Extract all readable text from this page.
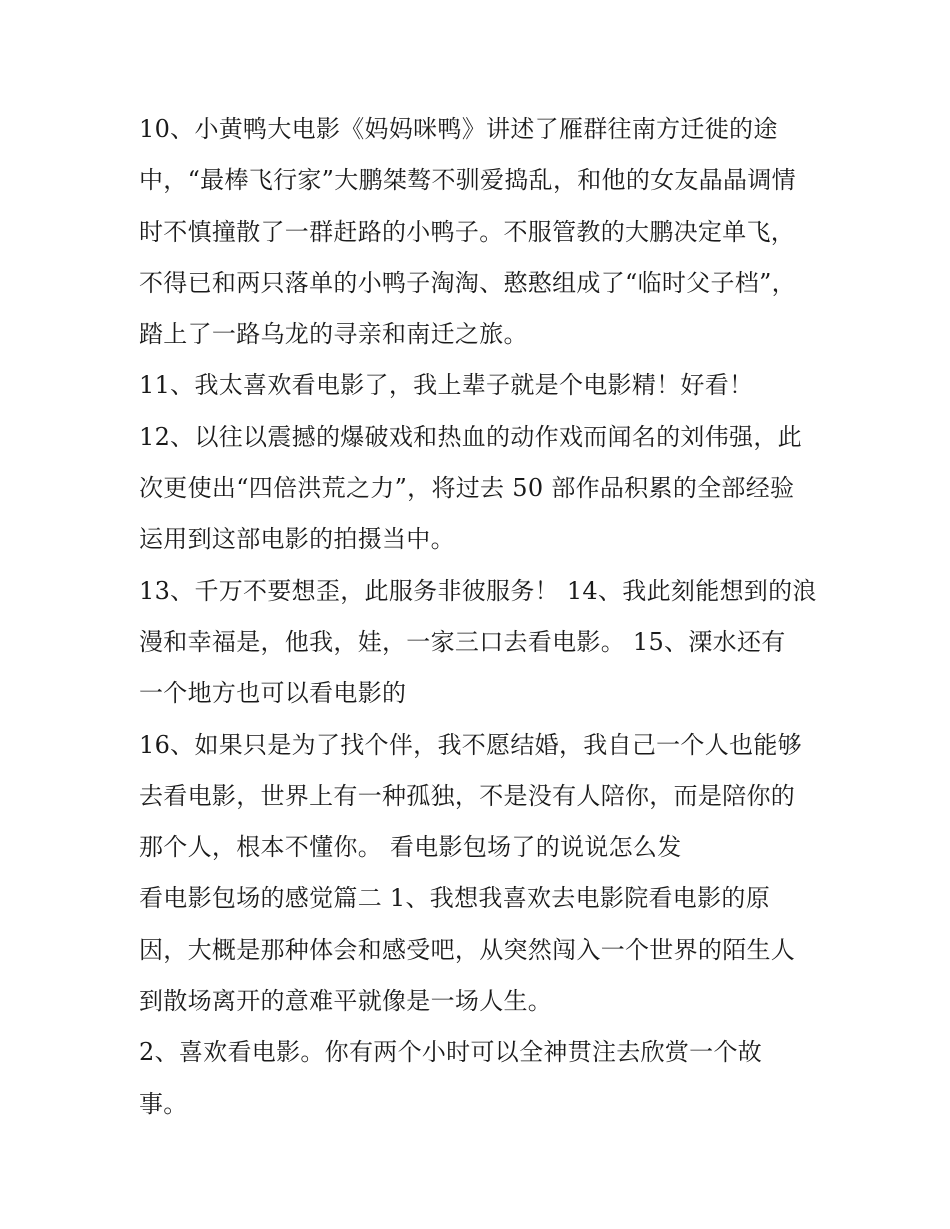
10、小黄鸭大电影《妈妈咪鸭》讲述了雁群往南方迁徙的途
中，“最棒飞行家”大鹏桀骜不驯爱捣乱，和他的女友晶晶调情
时不慎撞散了一群赶路的小鸭子。不服管教的大鹏决定单飞，
不得已和两只落单的小鸭子淘淘、憨憨组成了“临时父子档”，
踏上了一路乌龙的寻亲和南迁之旅。
11、我太喜欢看电影了，我上辈子就是个电影精！好看！
12、以往以震撼的爆破戏和热血的动作戏而闻名的刘伟强，此
次更使出“四倍洪荒之力”，将过去 50 部作品积累的全部经验
运用到这部电影的拍摄当中。
13、千万不要想歪，此服务非彼服务！ 14、我此刻能想到的浪
漫和幸福是，他我，娃，一家三口去看电影。 15、溧水还有
一个地方也可以看电影的
16、如果只是为了找个伴，我不愿结婚，我自己一个人也能够
去看电影，世界上有一种孤独，不是没有人陪你，而是陪你的
那个人，根本不懂你。 看电影包场了的说说怎么发
看电影包场的感觉篇二 1、我想我喜欢去电影院看电影的原
因，大概是那种体会和感受吧，从突然闯入一个世界的陌生人
到散场离开的意难平就像是一场人生。
2、喜欢看电影。你有两个小时可以全神贯注去欣赏一个故
事。
